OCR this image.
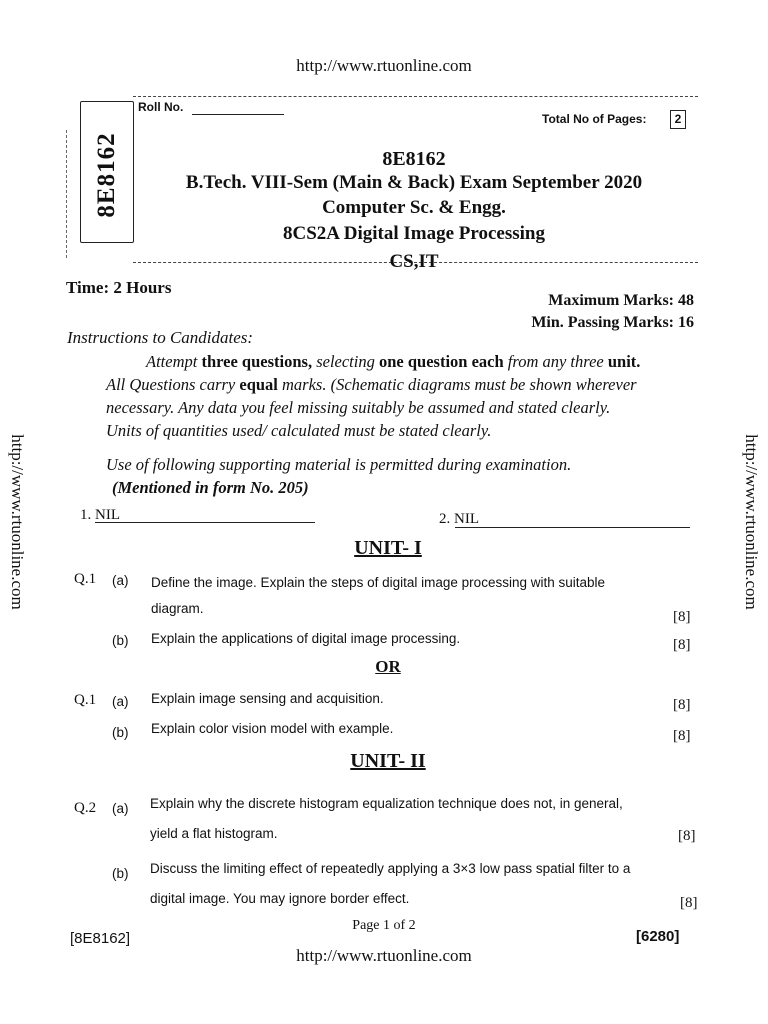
http://www.rtuonline.com
http://www.rtuonline.com	http://www.rtuonline.com
http://www.rtuonline.com
8E8162
Roll No.
Total No of Pages:	2
8E8162
B.Tech. VIII-Sem (Main & Back) Exam September 2020
Computer Sc. & Engg.
8CS2A Digital Image Processing
CS,IT
Time: 2 Hours
Maximum Marks: 48
Min. Passing Marks: 16
Instructions to Candidates:
Attempt three questions, selecting one question each from any three unit.
All Questions carry equal marks. (Schematic diagrams must be shown wherever
necessary. Any data you feel missing suitably be assumed and stated clearly.
Units of quantities used/ calculated must be stated clearly.
Use of following supporting material is permitted during examination.
(Mentioned in form No. 205)
1. NIL	2. NIL
UNIT- I
Q.1 (a) Define the image. Explain the steps of digital image processing with suitable
diagram.
[8]
(b) Explain the applications of digital image processing.	[8]
OR
Q.1 (a) Explain image sensing and acquisition.	[8]
(b) Explain color vision model with example.	[8]
UNIT- II
Q.2 (a) Explain why the discrete histogram equalization technique does not, in general,
yield a flat histogram.	[8]
(b) Discuss the limiting effect of repeatedly applying a 3×3 low pass spatial filter to a
digital image. You may ignore border effect.	[8]
[8E8162]
Page 1 of 2
[6280]
